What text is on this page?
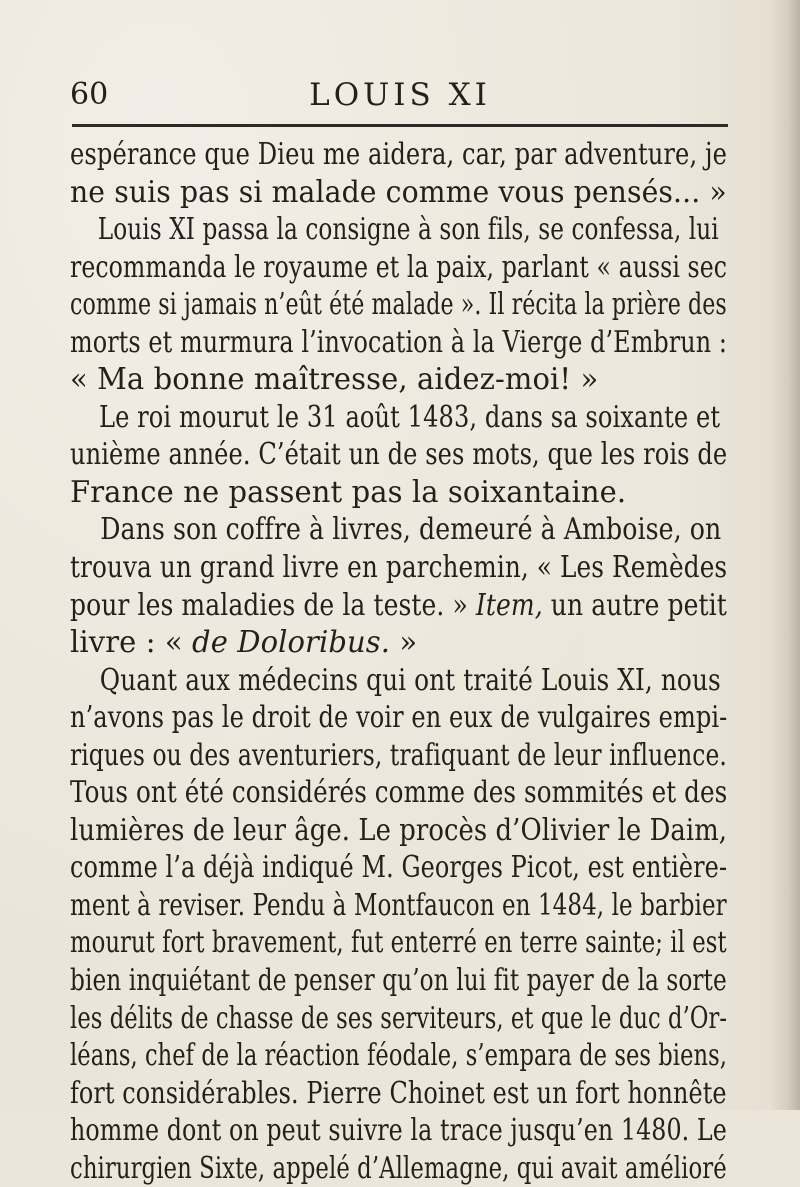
60	LOUIS XI
espérance que Dieu me aidera, car, par adventure, je
ne suis pas si malade comme vous pensés... »
Louis XI passa la consigne à son fils, se confessa, lui
recommanda le royaume et la paix, parlant « aussi sec
comme si jamais n’eût été malade ». Il récita la prière des
morts et murmura l’invocation à la Vierge d’Embrun :
« Ma bonne maîtresse, aidez-moi! »
Le roi mourut le 31 août 1483, dans sa soixante et
unième année. C’était un de ses mots, que les rois de
France ne passent pas la soixantaine.
Dans son coffre à livres, demeuré à Amboise, on
trouva un grand livre en parchemin, « Les Remèdes
pour les maladies de la teste. » Item, un autre petit
livre : « de Doloribus. »
Quant aux médecins qui ont traité Louis XI, nous
n’avons pas le droit de voir en eux de vulgaires empi-
riques ou des aventuriers, trafiquant de leur influence.
Tous ont été considérés comme des sommités et des
lumières de leur âge. Le procès d’Olivier le Daim,
comme l’a déjà indiqué M. Georges Picot, est entière-
ment à reviser. Pendu à Montfaucon en 1484, le barbier
mourut fort bravement, fut enterré en terre sainte; il est
bien inquiétant de penser qu’on lui fit payer de la sorte
les délits de chasse de ses serviteurs, et que le duc d’Or-
léans, chef de la réaction féodale, s’empara de ses biens,
fort considérables. Pierre Choinet est un fort honnête
homme dont on peut suivre la trace jusqu’en 1480. Le
chirurgien Sixte, appelé d’Allemagne, qui avait amélioré
